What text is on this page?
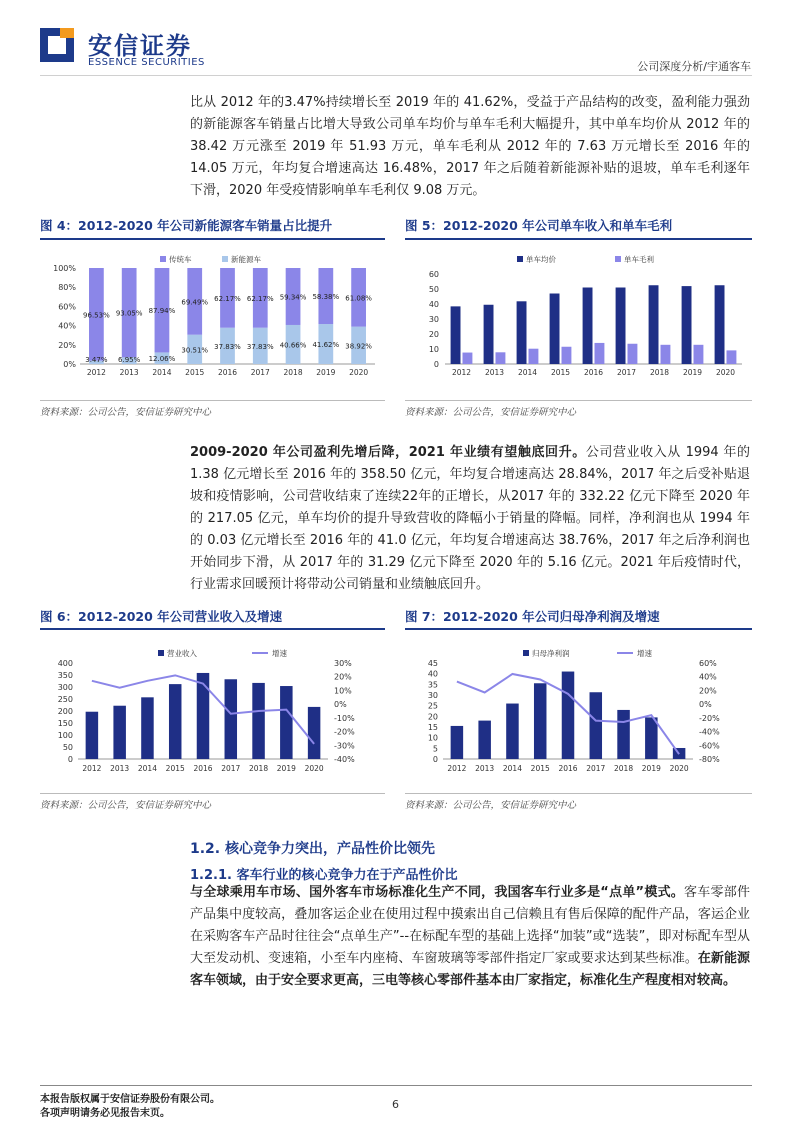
安信证券
ESSENCE SECURITIES	公司深度分析/宇通客车
比从 2012 年的3.47%持续增长至 2019 年的 41.62%，受益于产品结构的改变，盈利能力强劲的新能源客车销量占比增大导致公司单车均价与单车毛利大幅提升，其中单车均价从 2012 年的 38.42 万元涨至 2019 年 51.93 万元，单车毛利从 2012 年的 7.63 万元增长至 2016 年的 14.05 万元，年均复合增速高达 16.48%，2017 年之后随着新能源补贴的退坡，单车毛利逐年下滑，2020 年受疫情影响单车毛利仅 9.08 万元。
图 4：2012-2020 年公司新能源客车销量占比提升	图 5：2012-2020 年公司单车收入和单车毛利
0%
20%
40%
60%
80%
100%
传统车	新能源车
96.53%
3.47%
2012
93.05%
6.95%
2013
87.94%
12.06%
2014
69.49%
30.51%
2015
62.17%
37.83%
2016
62.17%
37.83%
2017
59.34%
40.66%
2018
58.38%
41.62%
2019
61.08%
38.92%
2020
0
10
20
30
40
50
60
单车均价	单车毛利
2012 2013 2014 2015 2016 2017 2018 2019 2020
资料来源：公司公告，安信证券研究中心	资料来源：公司公告，安信证券研究中心
2009-2020 年公司盈利先增后降，2021 年业绩有望触底回升。公司营业收入从 1994 年的 1.38 亿元增长至 2016 年的 358.50 亿元，年均复合增速高达 28.84%，2017 年之后受补贴退坡和疫情影响，公司营收结束了连续22年的正增长，从2017 年的 332.22 亿元下降至 2020 年的 217.05 亿元，单车均价的提升导致营收的降幅小于销量的降幅。同样，净利润也从 1994 年的 0.03 亿元增长至 2016 年的 41.0 亿元，年均复合增速高达 38.76%，2017 年之后净利润也开始同步下滑，从 2017 年的 31.29 亿元下降至 2020 年的 5.16 亿元。2021 年后疫情时代，行业需求回暖预计将带动公司销量和业绩触底回升。
图 6：2012-2020 年公司营业收入及增速	图 7：2012-2020 年公司归母净利润及增速
0
50
100
150
200
250
300
350
400
-40%
-30%
-20%
-10%
0%
10%
20%
30%
营业收入	增速
2012 2013 2014 2015 2016 2017 2018 2019 2020
0
5
10
15
20
25
30
35
40
45
-80%
-60%
-40%
-20%
0%
20%
40%
60%
归母净利润	增速
2012 2013 2014 2015 2016 2017 2018 2019 2020
资料来源：公司公告，安信证券研究中心	资料来源：公司公告，安信证券研究中心
1.2. 核心竞争力突出，产品性价比领先
1.2.1. 客车行业的核心竞争力在于产品性价比
与全球乘用车市场、国外客车市场标准化生产不同，我国客车行业多是“点单”模式。客车零部件产品集中度较高，叠加客运企业在使用过程中摸索出自己信赖且有售后保障的配件产品，客运企业在采购客车产品时往往会“点单生产”--在标配车型的基础上选择“加装”或“选装”，即对标配车型从大至发动机、变速箱，小至车内座椅、车窗玻璃等零部件指定厂家或要求达到某些标准。在新能源客车领域，由于安全要求更高，三电等核心零部件基本由厂家指定，标准化生产程度相对较高。
本报告版权属于安信证券股份有限公司。
各项声明请务必见报告末页。
6
